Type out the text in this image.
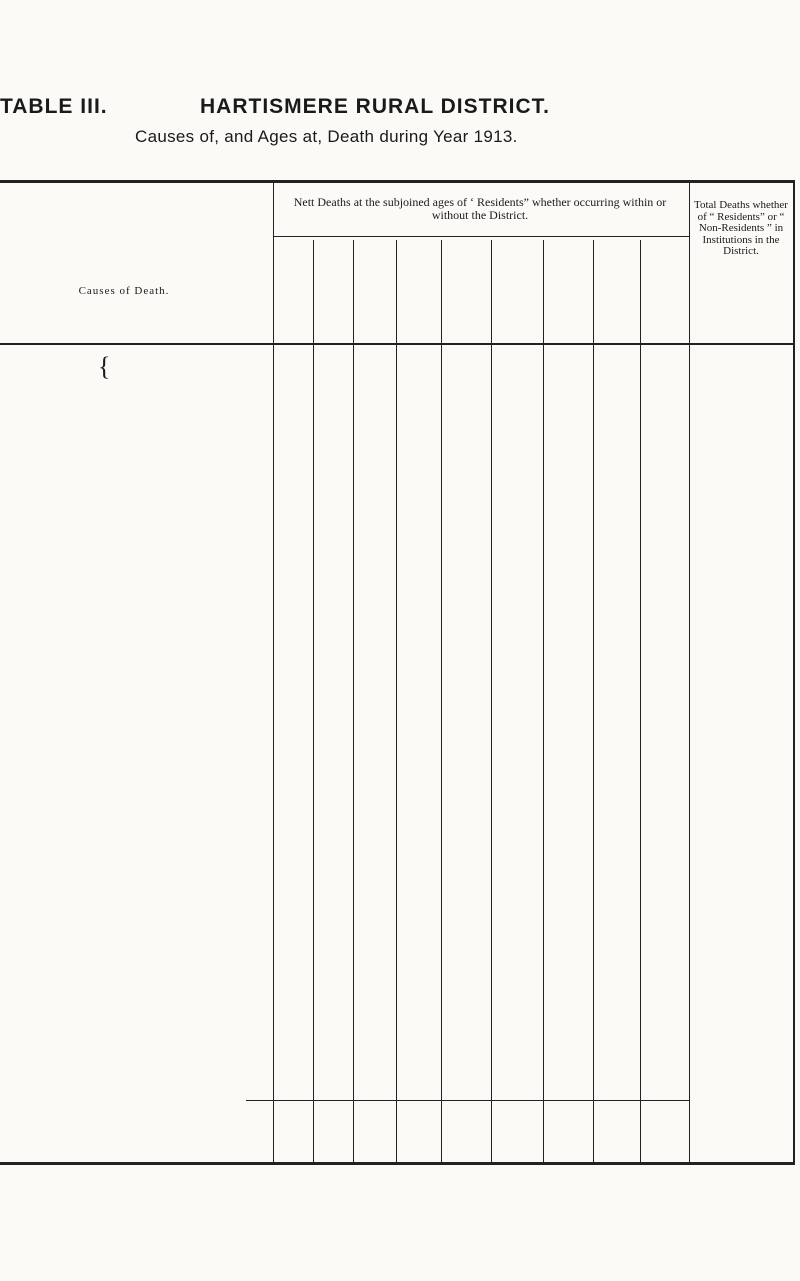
TABLE III.	HARTISMERE RURAL DISTRICT.
Causes of, and Ages at, Death during Year 1913.
Causes of Death.
Nett Deaths at the subjoined ages of ‘ Residents” whether occurring within or without the District.
Total Deaths whether of “ Residents” or “ Non-Residents ” in Institutions in the District.
{
